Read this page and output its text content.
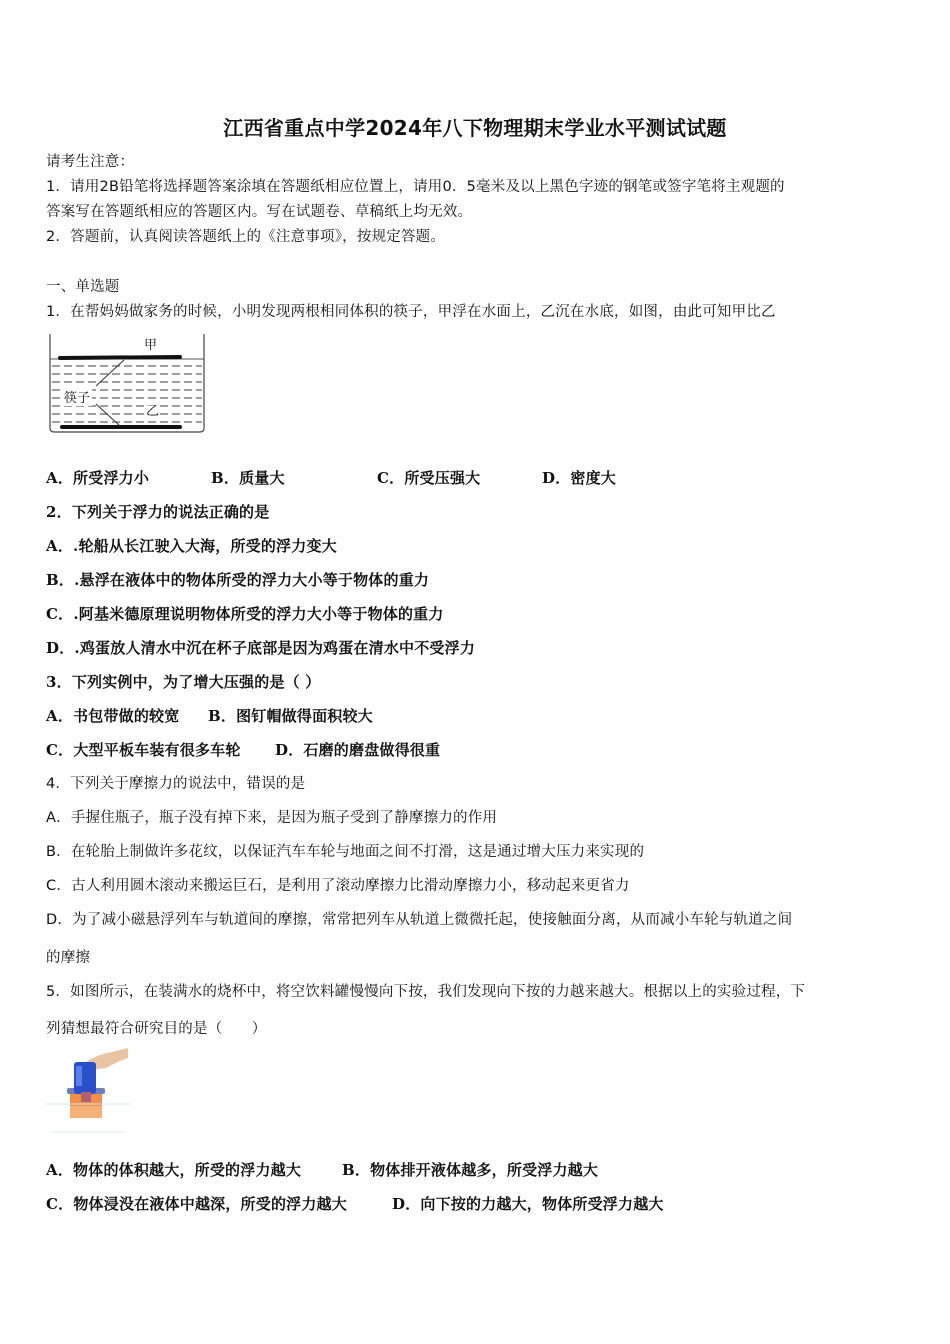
江西省重点中学2024年八下物理期末学业水平测试试题
请考生注意：
1．请用2B铅笔将选择题答案涂填在答题纸相应位置上，请用0．5毫米及以上黑色字迹的钢笔或签字笔将主观题的
答案写在答题纸相应的答题区内。写在试题卷、草稿纸上均无效。
2．答题前，认真阅读答题纸上的《注意事项》，按规定答题。
一、单选题
1．在帮妈妈做家务的时候，小明发现两根相同体积的筷子，甲浮在水面上，乙沉在水底，如图，由此可知甲比乙
甲
筷子
乙
A．所受浮力小	B．质量大	C．所受压强大	D．密度大
2．下列关于浮力的说法正确的是
A．.轮船从长江驶入大海，所受的浮力变大
B．.悬浮在液体中的物体所受的浮力大小等于物体的重力
C．.阿基米德原理说明物体所受的浮力大小等于物体的重力
D．.鸡蛋放人清水中沉在杯子底部是因为鸡蛋在清水中不受浮力
3．下列实例中，为了增大压强的是（ ）
A．书包带做的较宽 B．图钉帽做得面积较大
C．大型平板车装有很多车轮 D．石磨的磨盘做得很重
4．下列关于摩擦力的说法中，错误的是
A．手握住瓶子，瓶子没有掉下来，是因为瓶子受到了静摩擦力的作用
B．在轮胎上制做许多花纹，以保证汽车车轮与地面之间不打滑，这是通过增大压力来实现的
C．古人利用圆木滚动来搬运巨石，是利用了滚动摩擦力比滑动摩擦力小，移动起来更省力
D．为了减小磁悬浮列车与轨道间的摩擦，常常把列车从轨道上微微托起，使接触面分离，从而减小车轮与轨道之间
的摩擦
5．如图所示，在装满水的烧杯中，将空饮料罐慢慢向下按，我们发现向下按的力越来越大。根据以上的实验过程，下
列猜想最符合研究目的是（　　）
A．物体的体积越大，所受的浮力越大	B．物体排开液体越多，所受浮力越大
C．物体浸没在液体中越深，所受的浮力越大	D．向下按的力越大，物体所受浮力越大
